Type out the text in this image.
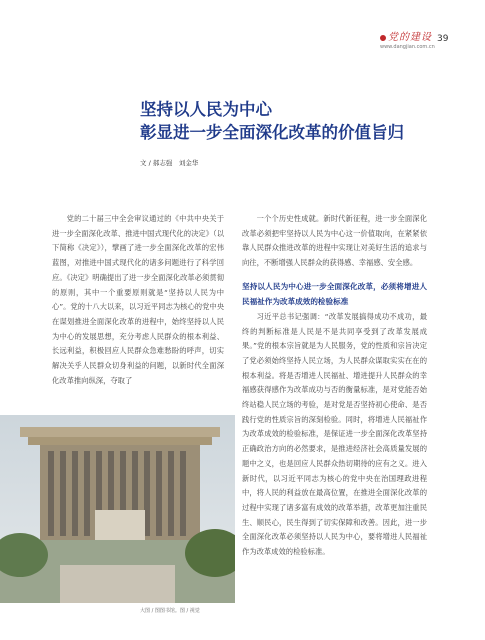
党的建设
www.dangjian.com.cn
39
坚持以人民为中心
彰显进一步全面深化改革的价值旨归
文 / 郝志强　刘金华

党的二十届三中全会审议通过的《中共中央关于进一步全面深化改革、推进中国式现代化的决定》（以下简称《决定》），擘画了进一步全面深化改革的宏伟蓝图，对推进中国式现代化的诸多问题进行了科学回应。《决定》明确提出了进一步全面深化改革必须贯彻的原则，其中一个重要原则就是“坚持以人民为中心”。党的十八大以来，以习近平同志为核心的党中央在谋划推进全面深化改革的进程中，始终坚持以人民为中心的发展思想，充分考虑人民群众的根本利益、长远利益，积极回应人民群众急难愁盼的呼声，切实解决关乎人民群众切身利益的问题，以新时代全面深化改革推向纵深，夺取了

一个个历史性成就。新时代新征程，进一步全面深化改革必须把牢坚持以人民为中心这一价值取向，在紧紧依靠人民群众推进改革的进程中实现让对美好生活的追求与向往，不断增强人民群众的获得感、幸福感、安全感。

坚持以人民为中心进一步全面深化改革，必须将增进人民福祉作为改革成效的检验标准

习近平总书记强调：“改革发展搞得成功不成功，最终的判断标准是人民是不是共同享受到了改革发展成果。”党的根本宗旨就是为人民服务，党的性质和宗旨决定了党必须始终坚持人民立场，为人民群众谋取实实在在的根本利益。将是否增进人民福祉、增进提升人民群众的幸福感获得感作为改革成功与否的衡量标准，是对党能否始终站稳人民立场的考验，是对党是否坚持初心使命、是否践行党的性质宗旨的深刻检验。同时，将增进人民福祉作为改革成效的检验标准，是保证进一步全面深化改革坚持正确政治方向的必然要求，是推进经济社会高质量发展的题中之义，也是回应人民群众热切期待的应有之义。进入新时代，以习近平同志为核心的党中央在治国理政进程中，将人民的利益放在最高位置，在推进全面深化改革的过程中实现了诸多富有成效的改革举措，改革更加注重民生、顺民心，民生得到了切实保障和改善。因此，进一步全面深化改革必须坚持以人民为中心，要将增进人民福祉作为改革成效的检验标准。

大图 / 图图书馆。图 / 视觉
